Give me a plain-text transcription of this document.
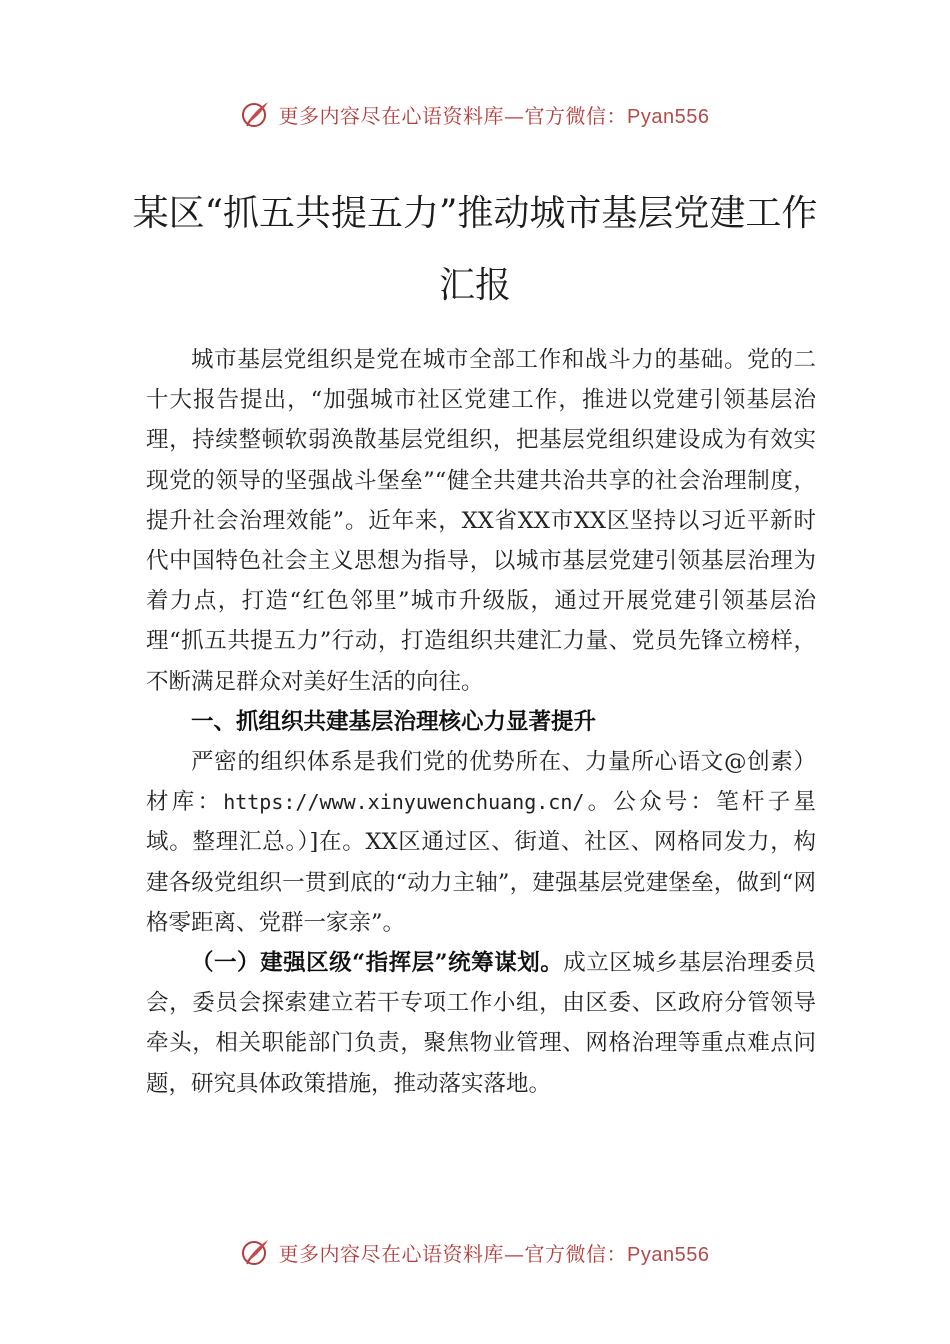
更多内容尽在心语资料库—官方微信：Pyan556
某区“抓五共提五力”推动城市基层党建工作汇报

城市基层党组织是党在城市全部工作和战斗力的基础。党的二十大报告提出，“加强城市社区党建工作，推进以党建引领基层治理，持续整顿软弱涣散基层党组织，把基层党组织建设成为有效实现党的领导的坚强战斗堡垒”“健全共建共治共享的社会治理制度，提升社会治理效能”。近年来，XX省XX市XX区坚持以习近平新时代中国特色社会主义思想为指导，以城市基层党建引领基层治理为着力点，打造“红色邻里”城市升级版，通过开展党建引领基层治理“抓五共提五力”行动，打造组织共建汇力量、党员先锋立榜样，不断满足群众对美好生活的向往。

一、抓组织共建基层治理核心力显著提升

严密的组织体系是我们党的优势所在、力量所心语文@创素）材库：https://www.xinyuwenchuang.cn/。公众号：笔杆子星域。整理汇总。）]在。XX区通过区、街道、社区、网格同发力，构建各级党组织一贯到底的“动力主轴”，建强基层党建堡垒，做到“网格零距离、党群一家亲”。

（一）建强区级“指挥层”统筹谋划。成立区城乡基层治理委员会，委员会探索建立若干专项工作小组，由区委、区政府分管领导牵头，相关职能部门负责，聚焦物业管理、网格治理等重点难点问题，研究具体政策措施，推动落实落地。

更多内容尽在心语资料库—官方微信：Pyan556
